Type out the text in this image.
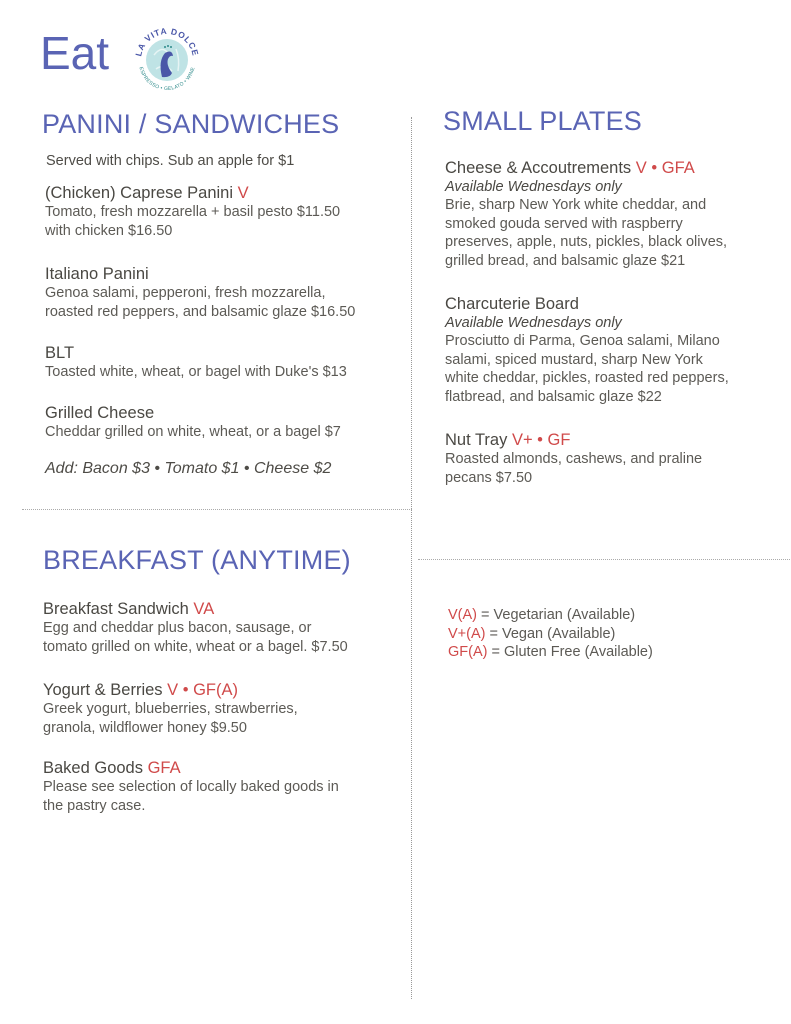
Eat	LA VITA DOLCE
ESPRESSO • GELATO • WINE
PANINI / SANDWICHES
Served with chips. Sub an apple for $1
(Chicken) Caprese Panini V
Tomato, fresh mozzarella + basil pesto $11.50
with chicken $16.50
Italiano Panini
Genoa salami, pepperoni, fresh mozzarella,
roasted red peppers, and balsamic glaze $16.50
BLT
Toasted white, wheat, or bagel with Duke's $13
Grilled Cheese
Cheddar grilled on white, wheat, or a bagel $7
Add: Bacon $3 • Tomato $1 • Cheese $2
SMALL PLATES
Cheese & Accoutrements V • GFA
Available Wednesdays only
Brie, sharp New York white cheddar, and
smoked gouda served with raspberry
preserves, apple, nuts, pickles, black olives,
grilled bread, and balsamic glaze $21
Charcuterie Board
Available Wednesdays only
Prosciutto di Parma, Genoa salami, Milano
salami, spiced mustard, sharp New York
white cheddar, pickles, roasted red peppers,
flatbread, and balsamic glaze $22
Nut Tray V+ • GF
Roasted almonds, cashews, and praline
pecans $7.50
BREAKFAST (ANYTIME)
Breakfast Sandwich VA
Egg and cheddar plus bacon, sausage, or
tomato grilled on white, wheat or a bagel. $7.50
Yogurt & Berries V • GF(A)
Greek yogurt, blueberries, strawberries,
granola, wildflower honey $9.50
Baked Goods GFA
Please see selection of locally baked goods in
the pastry case.
V(A) = Vegetarian (Available)
V+(A) = Vegan (Available)
GF(A) = Gluten Free (Available)
